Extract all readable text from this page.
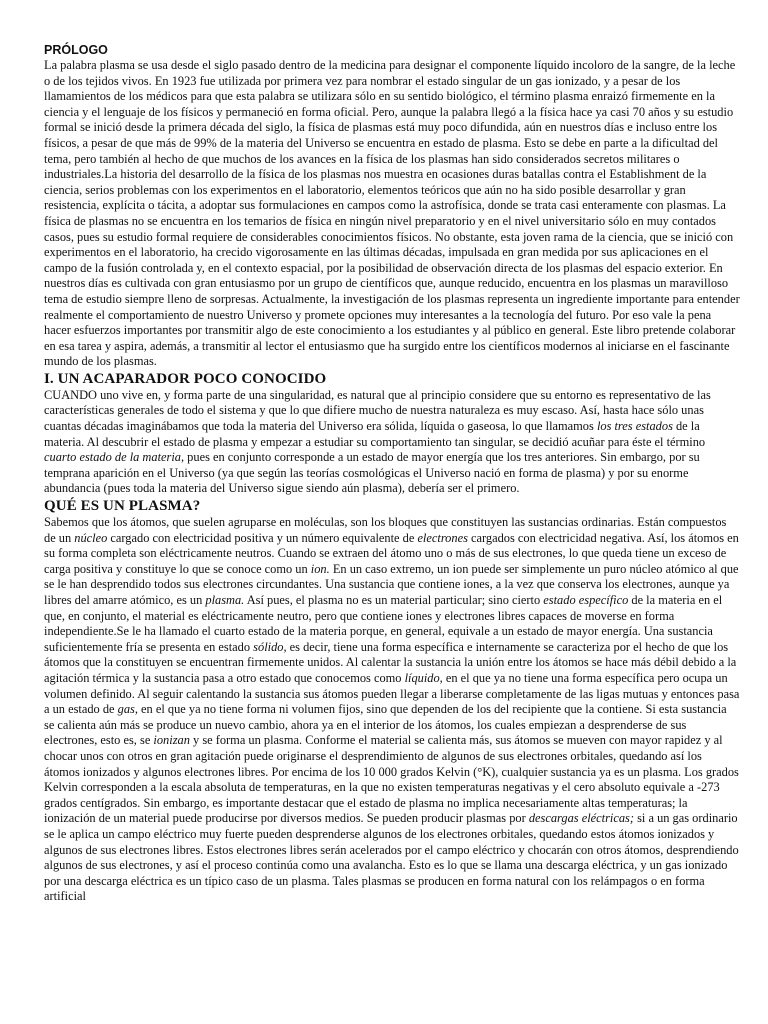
PRÓLOGO

La palabra plasma se usa desde el siglo pasado dentro de la medicina para designar el componente líquido incoloro de la sangre, de la leche o de los tejidos vivos. En 1923 fue utilizada por primera vez para nombrar el estado singular de un gas ionizado, y a pesar de los llamamientos de los médicos para que esta palabra se utilizara sólo en su sentido biológico, el término plasma enraizó firmemente en la ciencia y el lenguaje de los físicos y permaneció en forma oficial. Pero, aunque la palabra llegó a la física hace ya casi 70 años y su estudio formal se inició desde la primera década del siglo, la física de plasmas está muy poco difundida, aún en nuestros días e incluso entre los físicos, a pesar de que más de 99% de la materia del Universo se encuentra en estado de plasma. Esto se debe en parte a la dificultad del tema, pero también al hecho de que muchos de los avances en la física de los plasmas han sido considerados secretos militares o industriales.La historia del desarrollo de la física de los plasmas nos muestra en ocasiones duras batallas contra el Establishment de la ciencia, serios problemas con los experimentos en el laboratorio, elementos teóricos que aún no ha sido posible desarrollar y gran resistencia, explícita o tácita, a adoptar sus formulaciones en campos como la astrofísica, donde se trata casi enteramente con plasmas. La física de plasmas no se encuentra en los temarios de física en ningún nivel preparatorio y en el nivel universitario sólo en muy contados casos, pues su estudio formal requiere de considerables conocimientos físicos. No obstante, esta joven rama de la ciencia, que se inició con experimentos en el laboratorio, ha crecido vigorosamente en las últimas décadas, impulsada en gran medida por sus aplicaciones en el campo de la fusión controlada y, en el contexto espacial, por la posibilidad de observación directa de los plasmas del espacio exterior. En nuestros días es cultivada con gran entusiasmo por un grupo de científicos que, aunque reducido, encuentra en los plasmas un maravilloso tema de estudio siempre lleno de sorpresas. Actualmente, la investigación de los plasmas representa un ingrediente importante para entender realmente el comportamiento de nuestro Universo y promete opciones muy interesantes a la tecnología del futuro. Por eso vale la pena hacer esfuerzos importantes por transmitir algo de este conocimiento a los estudiantes y al público en general. Este libro pretende colaborar en esa tarea y aspira, además, a transmitir al lector el entusiasmo que ha surgido entre los científicos modernos al iniciarse en el fascinante mundo de los plasmas.

I. UN ACAPARADOR POCO CONOCIDO

CUANDO uno vive en, y forma parte de una singularidad, es natural que al principio considere que su entorno es representativo de las características generales de todo el sistema y que lo que difiere mucho de nuestra naturaleza es muy escaso. Así, hasta hace sólo unas cuantas décadas imaginábamos que toda la materia del Universo era sólida, líquida o gaseosa, lo que llamamos los tres estados de la materia. Al descubrir el estado de plasma y empezar a estudiar su comportamiento tan singular, se decidió acuñar para éste el término cuarto estado de la materia, pues en conjunto corresponde a un estado de mayor energía que los tres anteriores. Sin embargo, por su temprana aparición en el Universo (ya que según las teorías cosmológicas el Universo nació en forma de plasma) y por su enorme abundancia (pues toda la materia del Universo sigue siendo aún plasma), debería ser el primero.

QUÉ ES UN PLASMA?

Sabemos que los átomos, que suelen agruparse en moléculas, son los bloques que constituyen las sustancias ordinarias. Están compuestos de un núcleo cargado con electricidad positiva y un número equivalente de electrones cargados con electricidad negativa. Así, los átomos en su forma completa son eléctricamente neutros. Cuando se extraen del átomo uno o más de sus electrones, lo que queda tiene un exceso de carga positiva y constituye lo que se conoce como un ion. En un caso extremo, un ion puede ser simplemente un puro núcleo atómico al que se le han desprendido todos sus electrones circundantes. Una sustancia que contiene iones, a la vez que conserva los electrones, aunque ya libres del amarre atómico, es un plasma. Así pues, el plasma no es un material particular; sino cierto estado específico de la materia en el que, en conjunto, el material es eléctricamente neutro, pero que contiene iones y electrones libres capaces de moverse en forma independiente.Se le ha llamado el cuarto estado de la materia porque, en general, equivale a un estado de mayor energía. Una sustancia suficientemente fría se presenta en estado sólido, es decir, tiene una forma específica e internamente se caracteriza por el hecho de que los átomos que la constituyen se encuentran firmemente unidos. Al calentar la sustancia la unión entre los átomos se hace más débil debido a la agitación térmica y la sustancia pasa a otro estado que conocemos como líquido, en el que ya no tiene una forma específica pero ocupa un volumen definido. Al seguir calentando la sustancia sus átomos pueden llegar a liberarse completamente de las ligas mutuas y entonces pasa a un estado de gas, en el que ya no tiene forma ni volumen fijos, sino que dependen de los del recipiente que la contiene. Si esta sustancia se calienta aún más se produce un nuevo cambio, ahora ya en el interior de los átomos, los cuales empiezan a desprenderse de sus electrones, esto es, se ionizan y se forma un plasma. Conforme el material se calienta más, sus átomos se mueven con mayor rapidez y al chocar unos con otros en gran agitación puede originarse el desprendimiento de algunos de sus electrones orbitales, quedando así los átomos ionizados y algunos electrones libres. Por encima de los 10 000 grados Kelvin (°K), cualquier sustancia ya es un plasma. Los grados Kelvin corresponden a la escala absoluta de temperaturas, en la que no existen temperaturas negativas y el cero absoluto equivale a -273 grados centígrados. Sin embargo, es importante destacar que el estado de plasma no implica necesariamente altas temperaturas; la ionización de un material puede producirse por diversos medios. Se pueden producir plasmas por descargas eléctricas; si a un gas ordinario se le aplica un campo eléctrico muy fuerte pueden desprenderse algunos de los electrones orbitales, quedando estos átomos ionizados y algunos de sus electrones libres. Estos electrones libres serán acelerados por el campo eléctrico y chocarán con otros átomos, desprendiendo algunos de sus electrones, y así el proceso continúa como una avalancha. Esto es lo que se llama una descarga eléctrica, y un gas ionizado por una descarga eléctrica es un típico caso de un plasma. Tales plasmas se producen en forma natural con los relámpagos o en forma artificial
